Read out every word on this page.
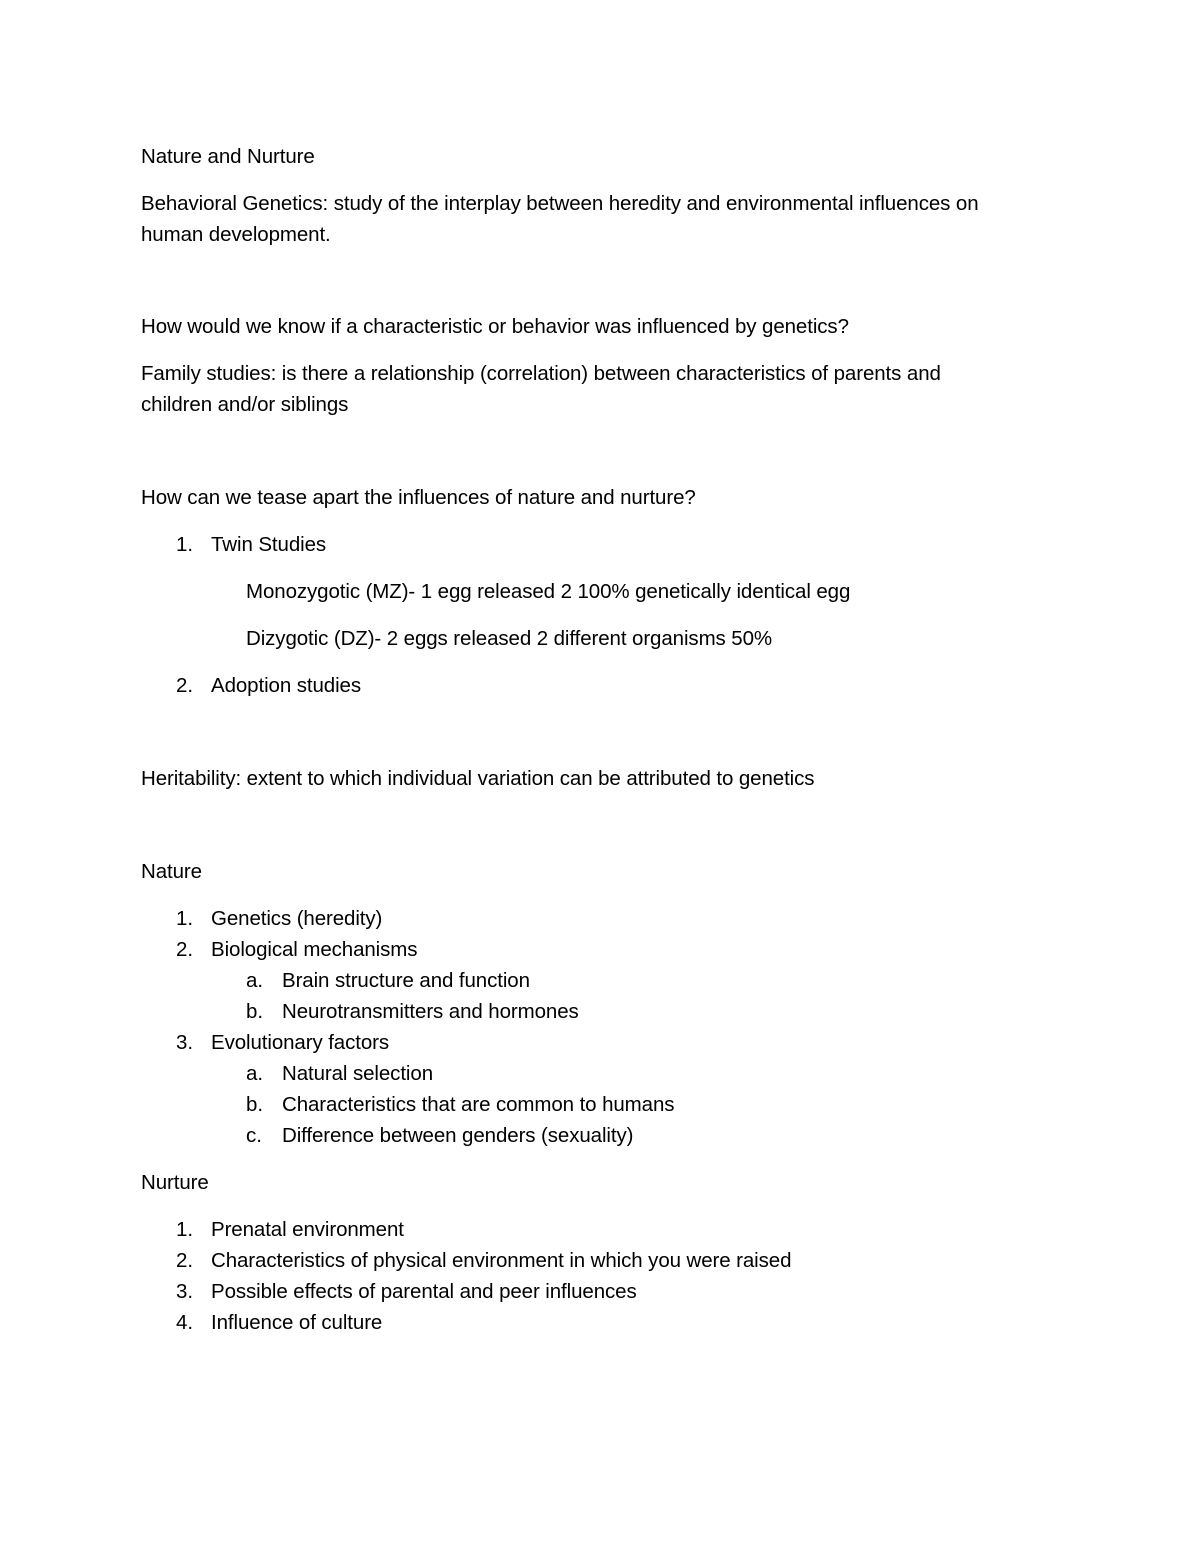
Nature and Nurture
Behavioral Genetics: study of the interplay between heredity and environmental influences on
human development.
How would we know if a characteristic or behavior was influenced by genetics?
Family studies: is there a relationship (correlation) between characteristics of parents and
children and/or siblings
How can we tease apart the influences of nature and nurture?
1. Twin Studies
Monozygotic (MZ)- 1 egg released 2 100% genetically identical egg
Dizygotic (DZ)- 2 eggs released 2 different organisms 50%
2. Adoption studies
Heritability: extent to which individual variation can be attributed to genetics
Nature
1. Genetics (heredity)
2. Biological mechanisms
a. Brain structure and function
b. Neurotransmitters and hormones
3. Evolutionary factors
a. Natural selection
b. Characteristics that are common to humans
c. Difference between genders (sexuality)
Nurture
1. Prenatal environment
2. Characteristics of physical environment in which you were raised
3. Possible effects of parental and peer influences
4. Influence of culture
